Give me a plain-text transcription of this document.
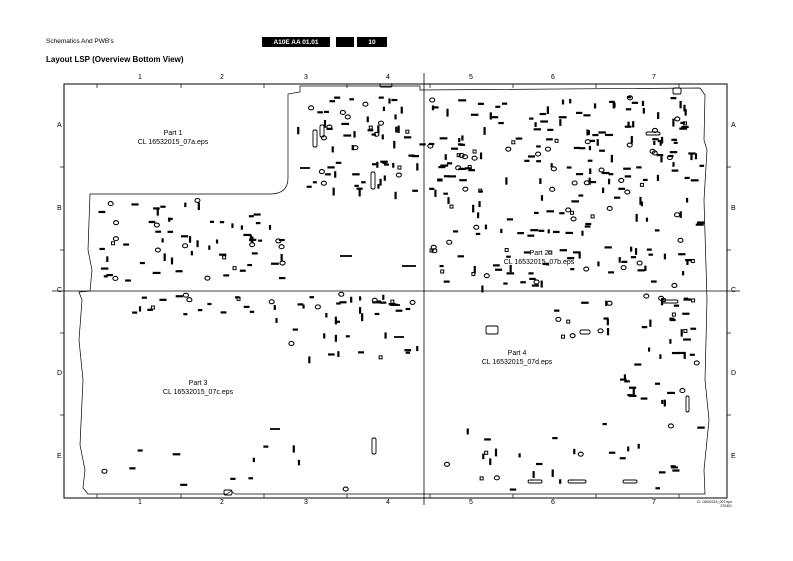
Schematics And PWB's	A10E AA 01.01	10
Layout LSP (Overview Bottom View)
1	2	3	4	5	6	7
1	2	3	4	5	6	7
A
B
C
D
E
A
B
C
D
E
Part 1
CL 16532015_07a.eps
Part 2
CL 16532015_07b.eps
Part 3
CL 16532015_07c.eps
Part 4
CL 16532015_07d.eps
CL 16532015_007.eps
270401
